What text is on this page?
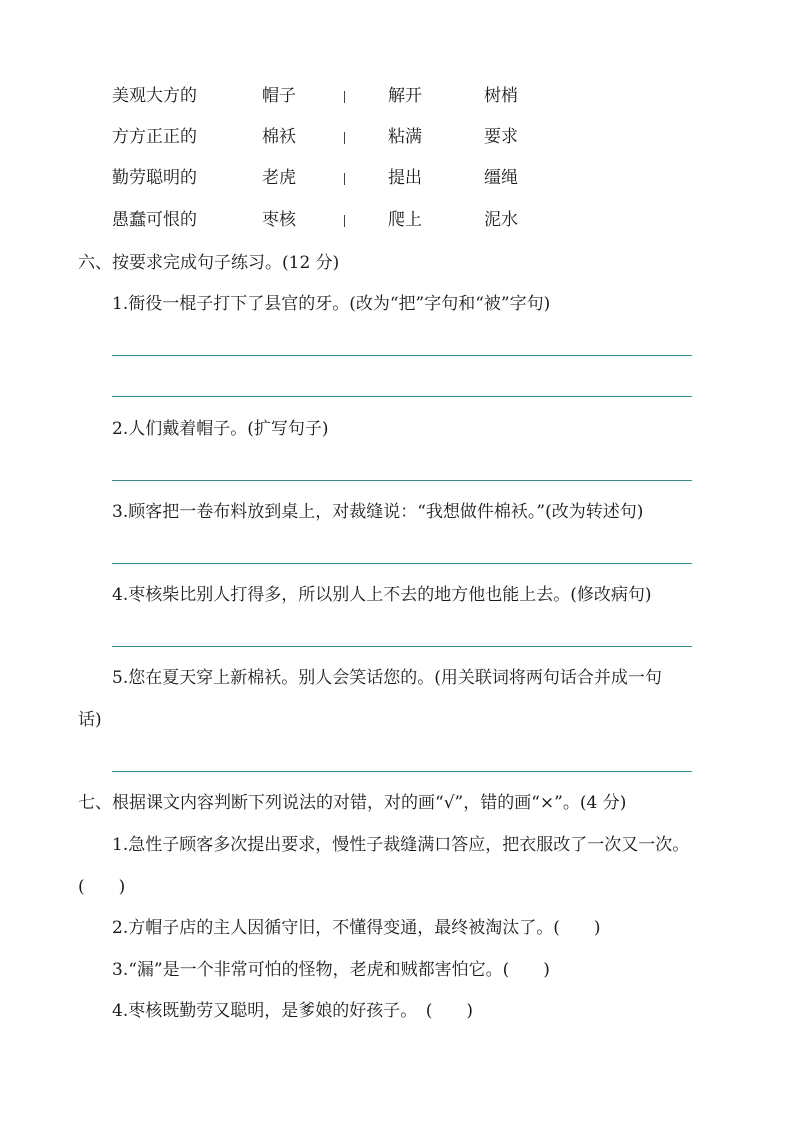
美观大方的	帽子	解开	树梢
方方正正的	棉袄	粘满	要求
勤劳聪明的	老虎	提出	缰绳
愚蠢可恨的	枣核	爬上	泥水
六、按要求完成句子练习。(12 分)
1.衙役一棍子打下了县官的牙。(改为“把”字句和“被”字句)
2.人们戴着帽子。(扩写句子)
3.顾客把一卷布料放到桌上，对裁缝说：“我想做件棉袄。”(改为转述句)
4.枣核柴比别人打得多，所以别人上不去的地方他也能上去。(修改病句)
5.您在夏天穿上新棉袄。别人会笑话您的。(用关联词将两句话合并成一句
话)
七、根据课文内容判断下列说法的对错，对的画“√”，错的画“×”。(4 分)
1.急性子顾客多次提出要求，慢性子裁缝满口答应，把衣服改了一次又一次。
(　　)
2.方帽子店的主人因循守旧，不懂得变通，最终被淘汰了。(　　)
3.“漏”是一个非常可怕的怪物，老虎和贼都害怕它。(　　)
4.枣核既勤劳又聪明，是爹娘的好孩子。　(　　)
